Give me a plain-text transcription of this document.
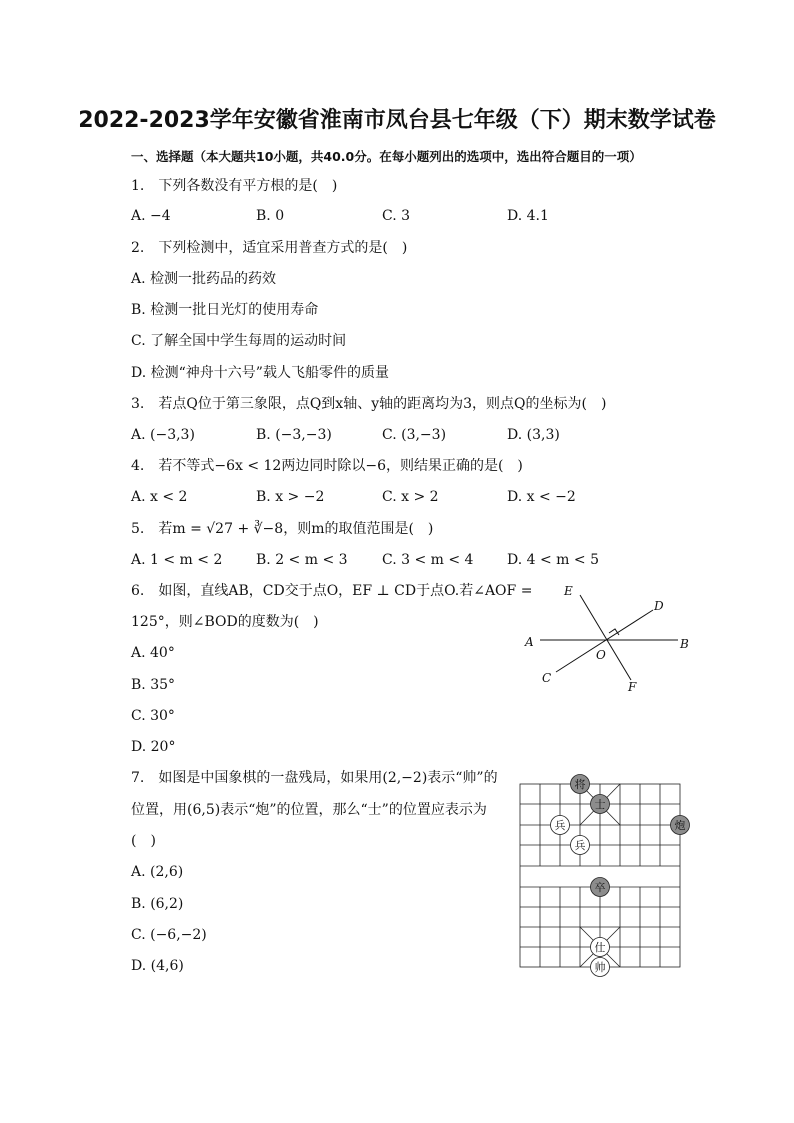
2022-2023学年安徽省淮南市凤台县七年级（下）期末数学试卷
一、选择题（本大题共10小题，共40.0分。在每小题列出的选项中，选出符合题目的一项）
1.　下列各数没有平方根的是(　)
A. −4	B. 0	C. 3	D. 4.1
2.　下列检测中，适宜采用普查方式的是(　)
A. 检测一批药品的药效
B. 检测一批日光灯的使用寿命
C. 了解全国中学生每周的运动时间
D. 检测“神舟十六号”载人飞船零件的质量
3.　若点Q位于第三象限，点Q到x轴、y轴的距离均为3，则点Q的坐标为(　)
A. (−3,3)	B. (−3,−3)	C. (3,−3)	D. (3,3)
4.　若不等式−6x < 12两边同时除以−6，则结果正确的是(　)
A. x < 2	B. x > −2	C. x > 2	D. x < −2
5.　若m = √27 + ∛−8，则m的取值范围是(　)
A. 1 < m < 2 B. 2 < m < 3 C. 3 < m < 4 D. 4 < m < 5
6.　如图，直线AB，CD交于点O，EF ⊥ CD于点O.若∠AOF =
125°，则∠BOD的度数为(　)
A. 40°
B. 35°
C. 30°
D. 20°
E
D
A	B
O
C
F
7.　如图是中国象棋的一盘残局，如果用(2,−2)表示“帅”的
位置，用(6,5)表示“炮”的位置，那么“士”的位置应表示为
(　)
A. (2,6)
B. (6,2)
C. (−6,−2)
D. (4,6)
将
士
兵
兵
炮
卒
仕
帅
